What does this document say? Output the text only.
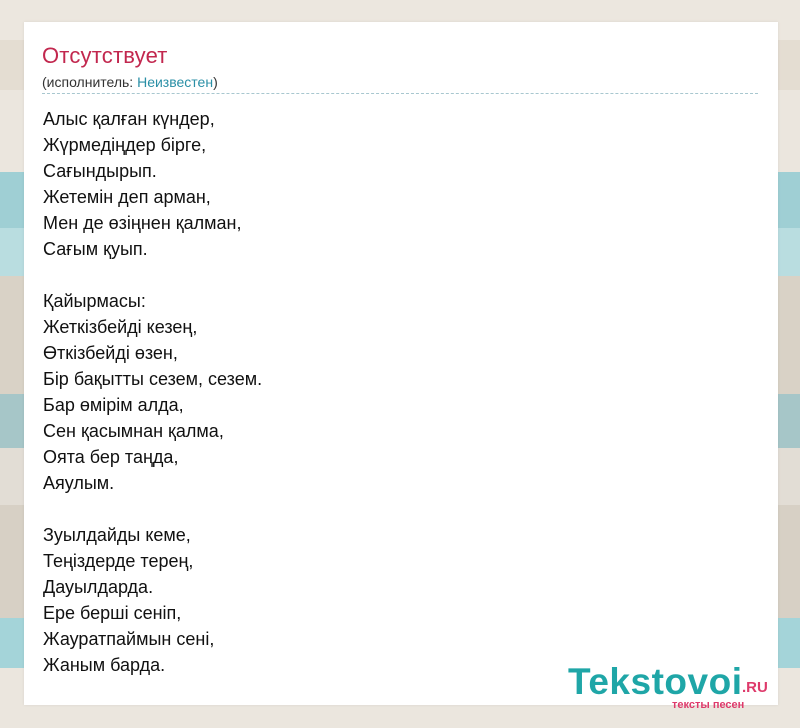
Отсутствует
(исполнитель: Неизвестен)
Алыс қалған күндер,
Жүрмедіңдер бірге,
Сағындырып.
Жетемін деп арман,
Мен де өзіңнен қалман,
Сағым қуып.
Қайырмасы:
Жеткізбейді кезең,
Өткізбейді өзен,
Бір бақытты сезем, сезем.
Бар өмірім алда,
Сен қасымнан қалма,
Оята бер таңда,
Аяулым.
Зуылдайды кеме,
Теңіздерде терең,
Дауылдарда.
Ере берші сеніп,
Жауратпаймын сені,
Жаным барда.	Tekstovoi .RU
тексты песен
